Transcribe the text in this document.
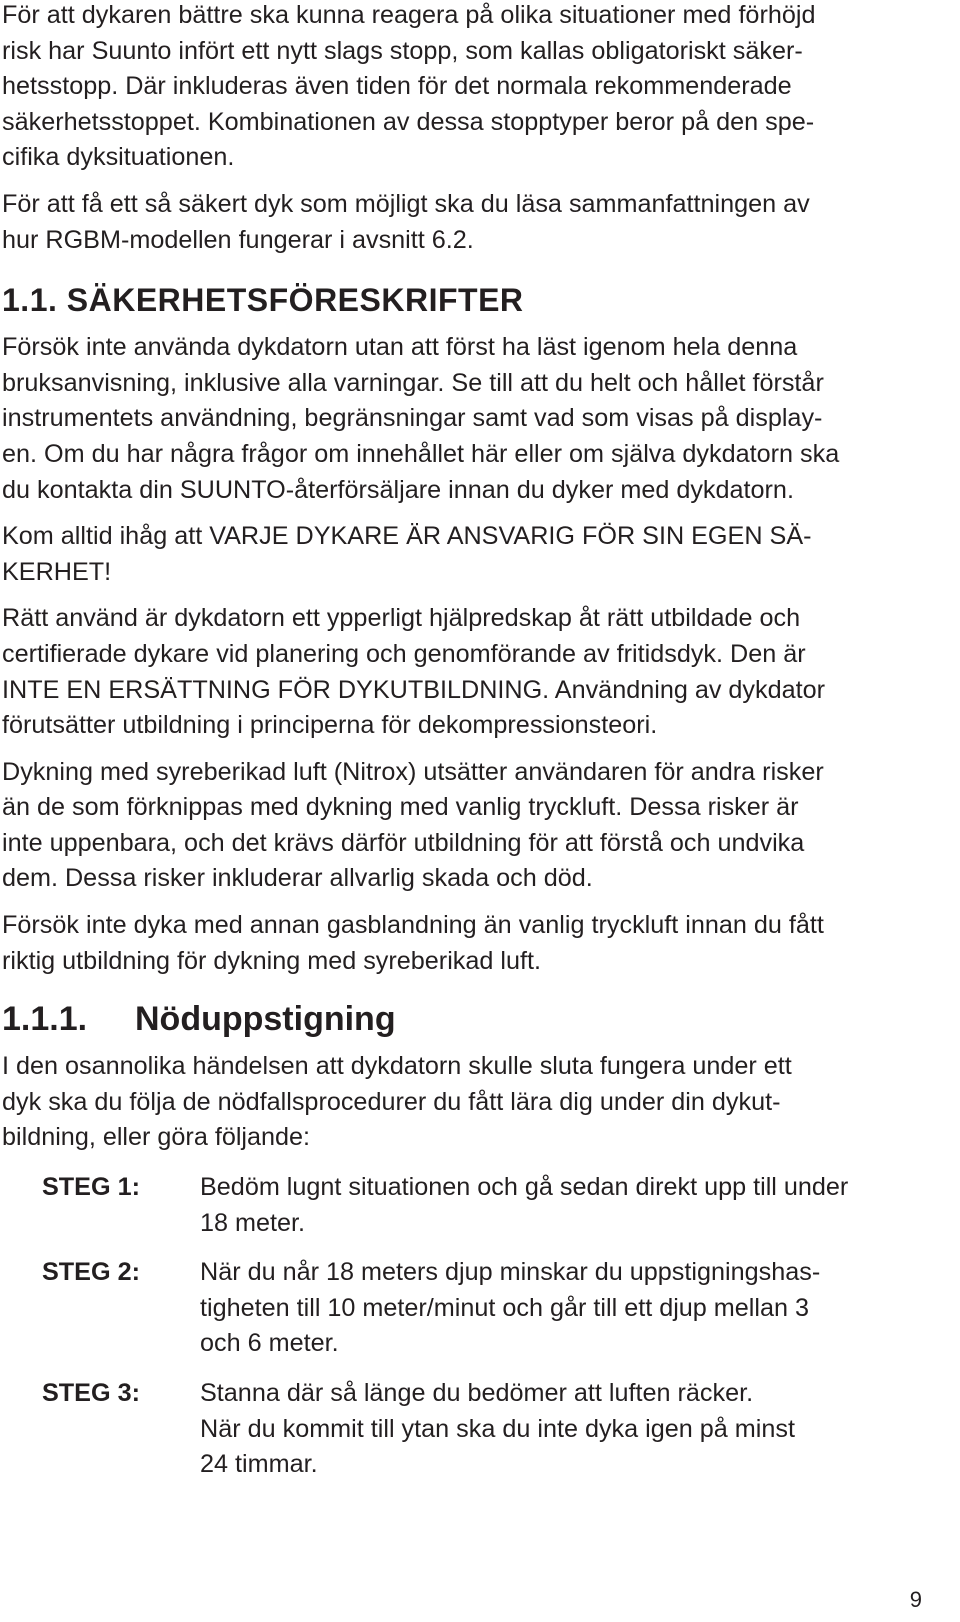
För att dykaren bättre ska kunna reagera på olika situationer med förhöjd
risk har Suunto infört ett nytt slags stopp, som kallas obligatoriskt säker-
hetsstopp. Där inkluderas även tiden för det normala rekommenderade
säkerhetsstoppet. Kombinationen av dessa stopptyper beror på den spe-
cifika dyksituationen.

För att få ett så säkert dyk som möjligt ska du läsa sammanfattningen av
hur RGBM-modellen fungerar i avsnitt 6.2.

1.1. SÄKERHETSFÖRESKRIFTER

Försök inte använda dykdatorn utan att först ha läst igenom hela denna
bruksanvisning, inklusive alla varningar. Se till att du helt och hållet förstår
instrumentets användning, begränsningar samt vad som visas på display-
en. Om du har några frågor om innehållet här eller om själva dykdatorn ska
du kontakta din SUUNTO-återförsäljare innan du dyker med dykdatorn.

Kom alltid ihåg att VARJE DYKARE ÄR ANSVARIG FÖR SIN EGEN SÄ-
KERHET!

Rätt använd är dykdatorn ett ypperligt hjälpredskap åt rätt utbildade och
certifierade dykare vid planering och genomförande av fritidsdyk. Den är
INTE EN ERSÄTTNING FÖR DYKUTBILDNING. Användning av dykdator
förutsätter utbildning i principerna för dekompressionsteori.

Dykning med syreberikad luft (Nitrox) utsätter användaren för andra risker
än de som förknippas med dykning med vanlig tryckluft. Dessa risker är
inte uppenbara, och det krävs därför utbildning för att förstå och undvika
dem. Dessa risker inkluderar allvarlig skada och död.

Försök inte dyka med annan gasblandning än vanlig tryckluft innan du fått
riktig utbildning för dykning med syreberikad luft.

1.1.1. Nöduppstigning

I den osannolika händelsen att dykdatorn skulle sluta fungera under ett
dyk ska du följa de nödfallsprocedurer du fått lära dig under din dykut-
bildning, eller göra följande:

STEG 1:	Bedöm lugnt situationen och gå sedan direkt upp till under
18 meter.
STEG 2:	När du når 18 meters djup minskar du uppstigningshas-
tigheten till 10 meter/minut och går till ett djup mellan 3
och 6 meter.
STEG 3:	Stanna där så länge du bedömer att luften räcker.
När du kommit till ytan ska du inte dyka igen på minst
24 timmar.
9
